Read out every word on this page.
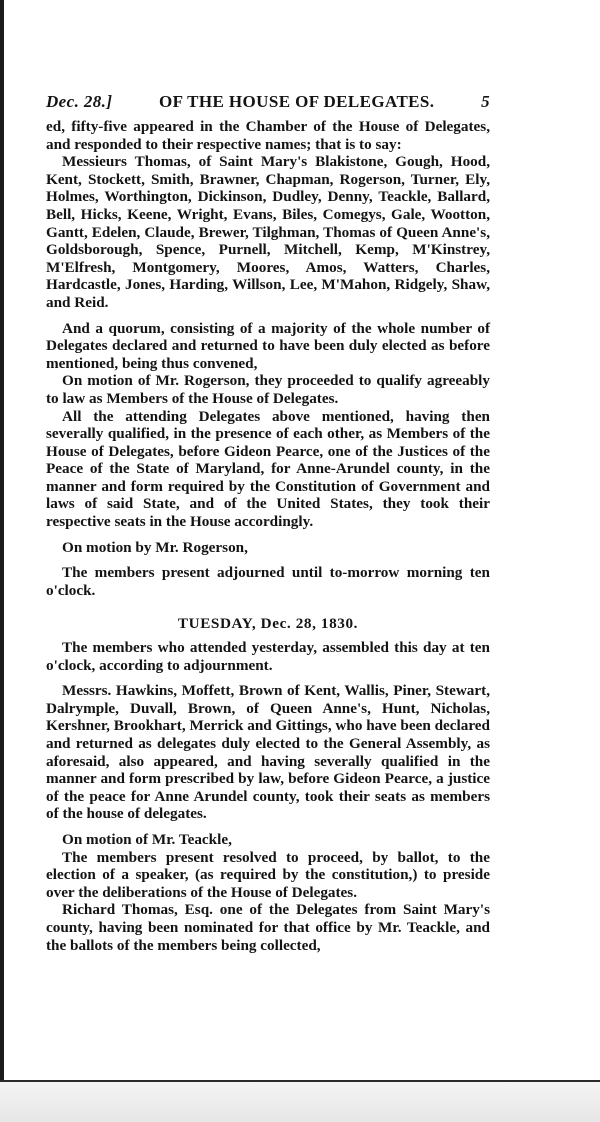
Dec. 28.]	OF THE HOUSE OF DELEGATES.	5

ed, fifty-five appeared in the Chamber of the House of Delegates, and responded to their respective names; that is to say:

Messieurs Thomas, of Saint Mary's Blakistone, Gough, Hood, Kent, Stockett, Smith, Brawner, Chapman, Rogerson, Turner, Ely, Holmes, Worthington, Dickinson, Dudley, Denny, Teackle, Ballard, Bell, Hicks, Keene, Wright, Evans, Biles, Comegys, Gale, Wootton, Gantt, Edelen, Claude, Brewer, Tilghman, Thomas of Queen Anne's, Goldsborough, Spence, Purnell, Mitchell, Kemp, M'Kinstrey, M'Elfresh, Montgomery, Moores, Amos, Watters, Charles, Hardcastle, Jones, Harding, Willson, Lee, M'Mahon, Ridgely, Shaw, and Reid.

And a quorum, consisting of a majority of the whole number of Delegates declared and returned to have been duly elected as before mentioned, being thus convened,

On motion of Mr. Rogerson, they proceeded to qualify agreeably to law as Members of the House of Delegates.

All the attending Delegates above mentioned, having then severally qualified, in the presence of each other, as Members of the House of Delegates, before Gideon Pearce, one of the Justices of the Peace of the State of Maryland, for Anne-Arundel county, in the manner and form required by the Constitution of Government and laws of said State, and of the United States, they took their respective seats in the House accordingly.

On motion by Mr. Rogerson,

The members present adjourned until to-morrow morning ten o'clock.

TUESDAY, Dec. 28, 1830.

The members who attended yesterday, assembled this day at ten o'clock, according to adjournment.

Messrs. Hawkins, Moffett, Brown of Kent, Wallis, Piner, Stewart, Dalrymple, Duvall, Brown, of Queen Anne's, Hunt, Nicholas, Kershner, Brookhart, Merrick and Gittings, who have been declared and returned as delegates duly elected to the General Assembly, as aforesaid, also appeared, and having severally qualified in the manner and form prescribed by law, before Gideon Pearce, a justice of the peace for Anne Arundel county, took their seats as members of the house of delegates.

On motion of Mr. Teackle,

The members present resolved to proceed, by ballot, to the election of a speaker, (as required by the constitution,) to preside over the deliberations of the House of Delegates.

Richard Thomas, Esq. one of the Delegates from Saint Mary's county, having been nominated for that office by Mr. Teackle, and the ballots of the members being collected,
